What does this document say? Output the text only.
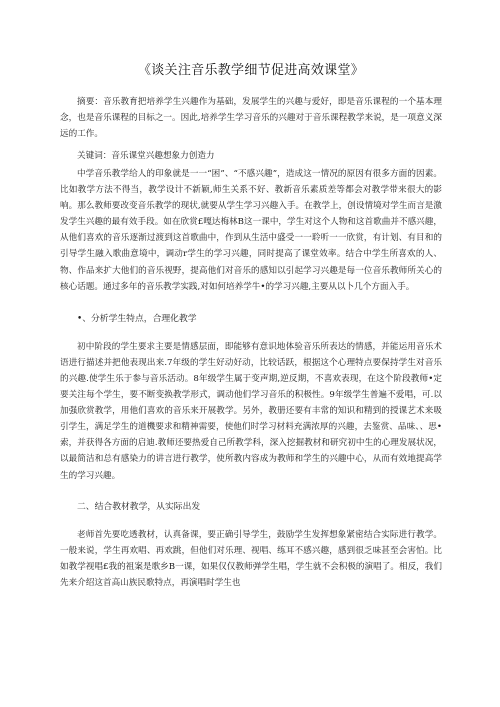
《谈关注音乐教学细节促进高效课堂》

摘要：音乐教育把培养学生兴趣作为基础，发展学生的兴趣与爱好，即是音乐课程的一个基本理念，也是音乐课程的目标之一。因此,培养学生学习音乐的兴趣对于音乐课程教学来说，是一项意义深远的工作。

关键词：音乐课堂兴趣想象力创造力

中学音乐教学给人的印象就是一一“困”、“不感兴趣”，造成这一情况的原因有很多方面的因素。比如教学方法不得当，教学设计不新颖,师生关系不好、教新音乐素质差等都会对教学带来很大的影响。那么教师要改变音乐教学的现状,就要从学生学习兴趣入手。在教学上，创设情境对学生而言是激发学生兴趣的最有效手段。如在欣赏£嘎达梅林B这一课中，学生对这个人物和这首歌曲并不感兴趣，从他们喜欢的音乐逐渐过渡到这首歌曲中，作到从生活中盛受一一聆听一一欣赏，有计划、有目和的引导学生融入歌曲意境中，调动r学生的学习兴趣，同时提高了课堂效率。结合中学生所喜欢的人、物、作品来扩大他们的音乐视野，提高他们对音乐的感知以引起学习兴趣是每一位音乐教师所关心的核心话题。通过多年的音乐教学实践,对如何培养学牛•的学习兴趣,主要从以卜几个方面入手。

•、分析学生特点，合理化教学

初中阶段的学生要求主要是情感层面，即能够有意识地体验音乐所表达的情感，并能运用音乐术语进行描述并把他表现出来.7年级的学生好动好动，比较话跃，根据这个心理特点要保持学生对音乐的兴趣.使学生乐于参与音乐活动。8年级学生属于变声期,逆反期，不喜欢表现，在这个阶段教师•定要关注每个学生，要不断变换教学形式，调动他们学习音乐的积极性。9年级学生普遍不爱唱，可.以加强欣赏教学，用他们喜欢的音乐来开展教学。另外，教册还要有丰常的知识和精到的授课艺术来吸引学生，满足学生的道機要求和精神需要，使他们时学习材料充满浓厚的兴趣，去鉴赏、品味、、思•索，并获得各方面的启迪.教师还要热爱自己所教学科，深入挖掘教材和研究初中生的心理发展状况，以最简洁和总有感染力的讲言进行教学，使所教内容成为教师和学生的兴趣中心，从而有效地提高学生的学习兴趣。

二、结合教材教学，从实际出发

老师首先要吃透教材，认真备课，要正确引导学生，鼓励学生发挥想象紧密结合实际进行教学。一般来说，学生再欢唱、再欢跳，但他们对乐理、视唱、练耳不感兴趣，感到很乏味甚至会害怕。比如教学视唱£我的祖案是歌乡B一课，如果仅仅教师弹学生唱，学生就不会积极的演唱了。相反，我们先来介绍这首高山族民歌特点，再演唱时学生也
